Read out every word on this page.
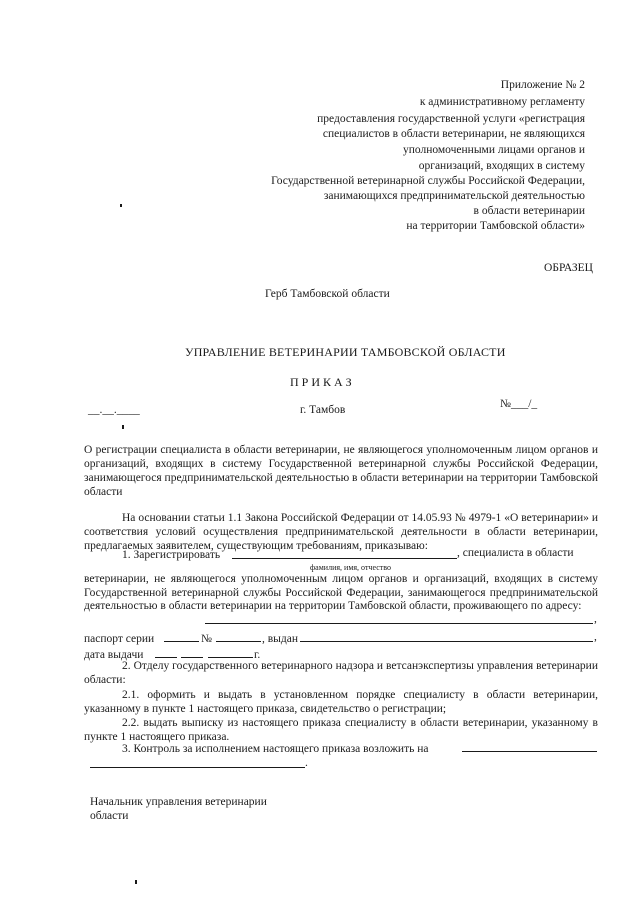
Приложение № 2
к административному регламенту
предоставления государственной услуги «регистрация
специалистов в области ветеринарии, не являющихся
уполномоченными лицами органов и
организаций, входящих в систему
Государственной ветеринарной службы Российской Федерации,
занимающихся предпринимательской деятельностью
в области ветеринарии
на территории Тамбовской области»
ОБРАЗЕЦ
Герб Тамбовской области
УПРАВЛЕНИЕ ВЕТЕРИНАРИИ ТАМБОВСКОЙ ОБЛАСТИ
П Р И К А З
__.__.____	г. Тамбов	№___/_
О регистрации специалиста в области ветеринарии, не являющегося уполномоченным лицом органов и организаций, входящих в систему Государственной ветеринарной службы Российской Федерации, занимающегося предпринимательской деятельностью в области ветеринарии на территории Тамбовской области
На основании статьи 1.1 Закона Российской Федерации от 14.05.93 № 4979-1 «О ветеринарии» и соответствия условий осуществления предпринимательской деятельности в области ветеринарии, предлагаемых заявителем, существующим требованиям, приказываю:
1. Зарегистрировать	, специалиста в области
фамилия, имя, отчество
ветеринарии, не являющегося уполномоченным лицом органов и организаций, входящих в систему Государственной ветеринарной службы Российской Федерации, занимающегося предпринимательской деятельностью в области ветеринарии на территории Тамбовской области, проживающего по адресу:
,
паспорт серии	№	, выдан	,
дата выдачи	г.
2. Отделу государственного ветеринарного надзора и ветсанэкспертизы управления ветеринарии области:
2.1. оформить и выдать в установленном порядке специалисту в области ветеринарии, указанному в пункте 1 настоящего приказа, свидетельство о регистрации;
2.2. выдать выписку из настоящего приказа специалисту в области ветеринарии, указанному в пункте 1 настоящего приказа.
3. Контроль за исполнением настоящего приказа возложить на
.
Начальник управления ветеринарии
области
